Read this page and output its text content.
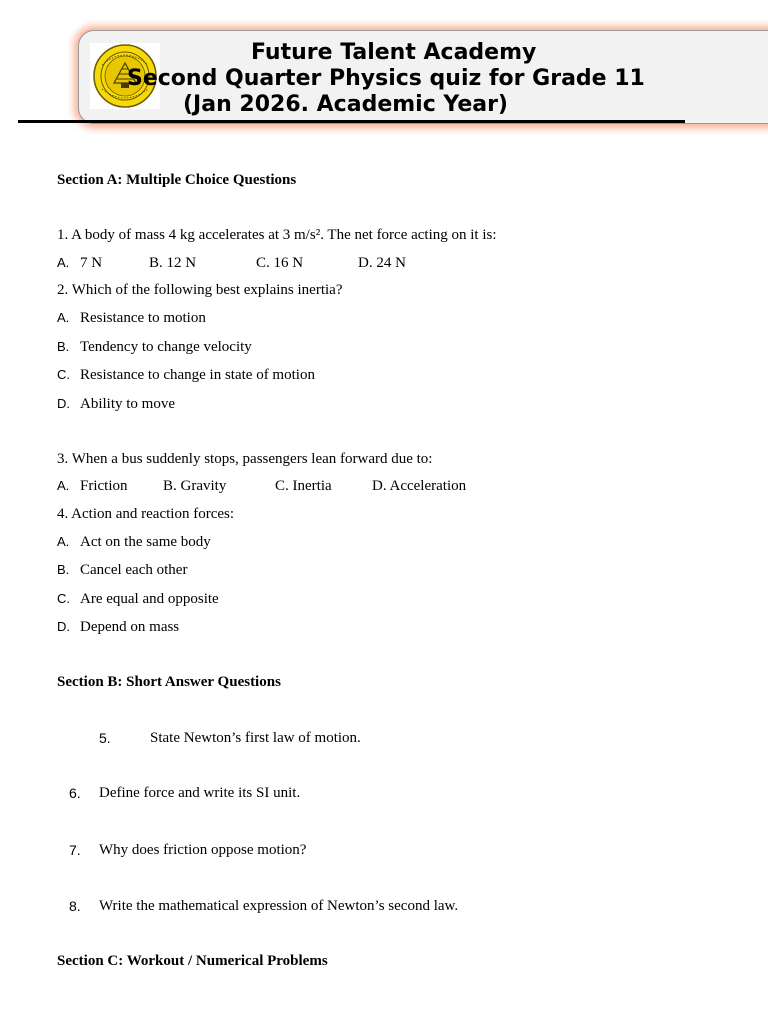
Future Talent Academy
Second Quarter Physics quiz for Grade 11
(Jan 2026. Academic Year)
Section A: Multiple Choice Questions
1. A body of mass 4 kg accelerates at 3 m/s². The net force acting on it is:
A. 7 N	B. 12 N	C. 16 N	D. 24 N
2. Which of the following best explains inertia?
A. Resistance to motion
B. Tendency to change velocity
C. Resistance to change in state of motion
D. Ability to move
3. When a bus suddenly stops, passengers lean forward due to:
A. Friction B. Gravity	C. Inertia	D. Acceleration
4. Action and reaction forces:
A. Act on the same body
B. Cancel each other
C. Are equal and opposite
D. Depend on mass
Section B: Short Answer Questions
5.	State Newton’s first law of motion.
6. Define force and write its SI unit.
7. Why does friction oppose motion?
8. Write the mathematical expression of Newton’s second law.
Section C: Workout / Numerical Problems
